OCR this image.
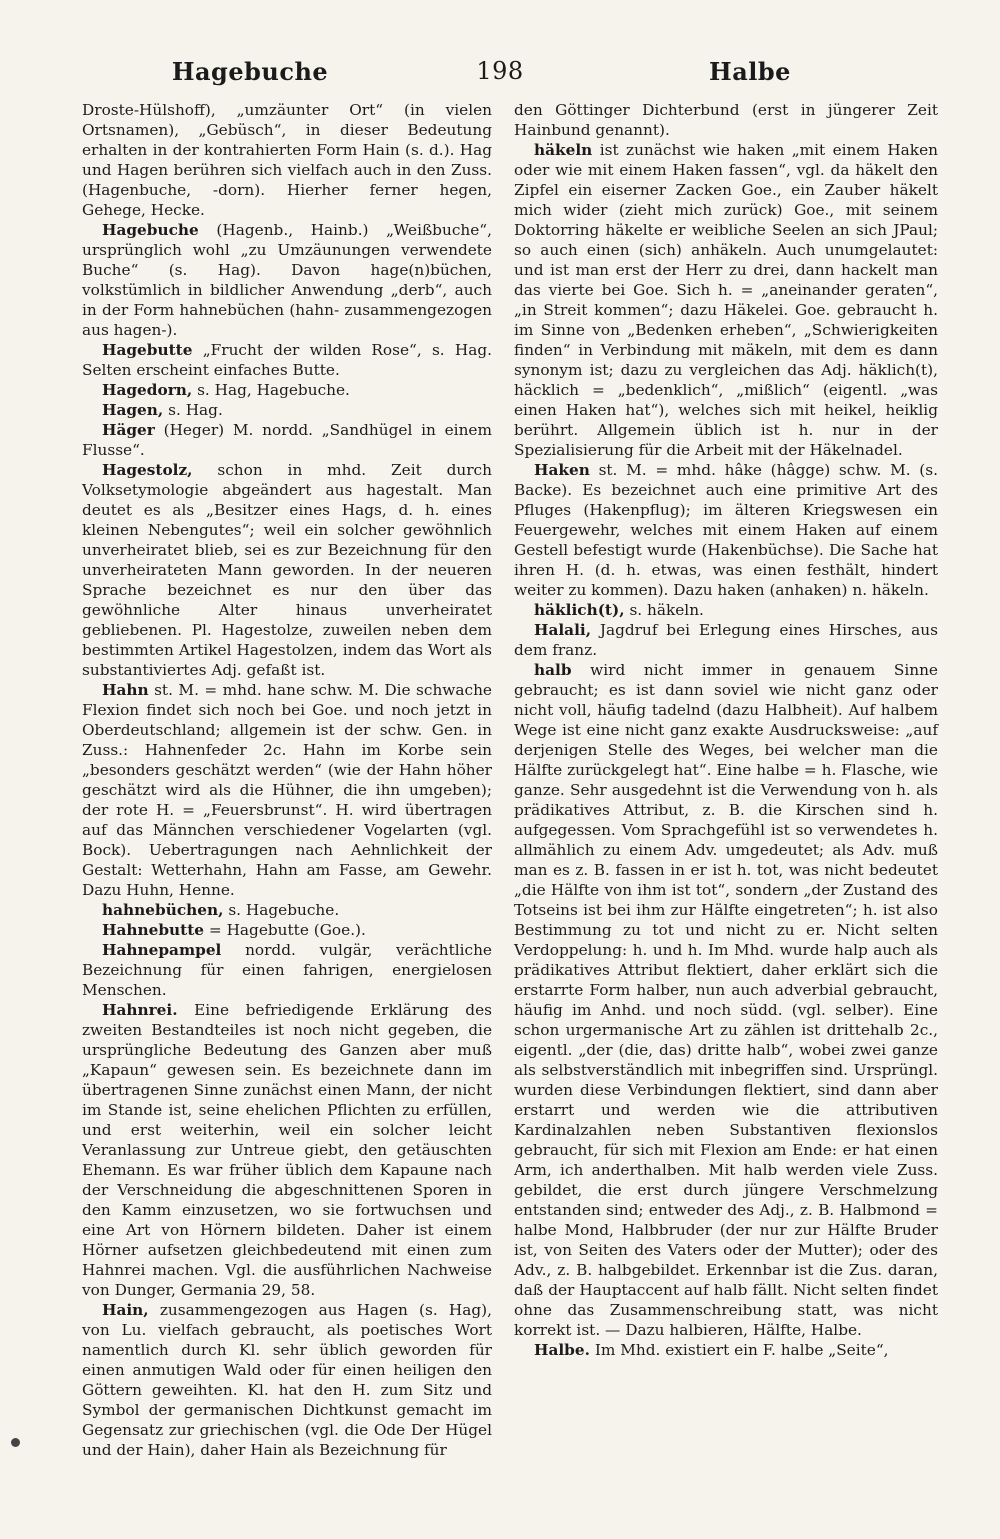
Hagebuche	198	Halbe

Droste-Hülshoff), „umzäunter Ort“ (in vielen Ortsnamen), „Gebüsch“, in dieser Bedeutung erhalten in der kontrahierten Form Hain (s. d.). Hag und Hagen berühren sich vielfach auch in den Zuss. (Hagenbuche, -dorn). Hierher ferner hegen, Gehege, Hecke.

Hagebuche (Hagenb., Hainb.) „Weißbuche“, ursprünglich wohl „zu Umzäunungen verwendete Buche“ (s. Hag). Davon hage(n)büchen, volkstümlich in bildlicher Anwendung „derb“, auch in der Form hahnebüchen (hahn- zusammengezogen aus hagen-).

Hagebutte „Frucht der wilden Rose“, s. Hag. Selten erscheint einfaches Butte.

Hagedorn, s. Hag, Hagebuche.

Hagen, s. Hag.

Häger (Heger) M. nordd. „Sandhügel in einem Flusse“.

Hagestolz, schon in mhd. Zeit durch Volksetymologie abgeändert aus hagestalt. Man deutet es als „Besitzer eines Hags, d. h. eines kleinen Nebengutes“; weil ein solcher gewöhnlich unverheiratet blieb, sei es zur Bezeichnung für den unverheirateten Mann geworden. In der neueren Sprache bezeichnet es nur den über das gewöhnliche Alter hinaus unverheiratet gebliebenen. Pl. Hagestolze, zuweilen neben dem bestimmten Artikel Hagestolzen, indem das Wort als substantiviertes Adj. gefaßt ist.

Hahn st. M. = mhd. hane schw. M. Die schwache Flexion findet sich noch bei Goe. und noch jetzt in Oberdeutschland; allgemein ist der schw. Gen. in Zuss.: Hahnenfeder 2c. Hahn im Korbe sein „besonders geschätzt werden“ (wie der Hahn höher geschätzt wird als die Hühner, die ihn umgeben); der rote H. = „Feuersbrunst“. H. wird übertragen auf das Männchen verschiedener Vogelarten (vgl. Bock). Uebertragungen nach Aehnlichkeit der Gestalt: Wetterhahn, Hahn am Fasse, am Gewehr. Dazu Huhn, Henne.

hahnebüchen, s. Hagebuche.

Hahnebutte = Hagebutte (Goe.).

Hahnepampel nordd. vulgär, verächtliche Bezeichnung für einen fahrigen, energielosen Menschen.

Hahnrei. Eine befriedigende Erklärung des zweiten Bestandteiles ist noch nicht gegeben, die ursprüngliche Bedeutung des Ganzen aber muß „Kapaun“ gewesen sein. Es bezeichnete dann im übertragenen Sinne zunächst einen Mann, der nicht im Stande ist, seine ehelichen Pflichten zu erfüllen, und erst weiterhin, weil ein solcher leicht Veranlassung zur Untreue giebt, den getäuschten Ehemann. Es war früher üblich dem Kapaune nach der Verschneidung die abgeschnittenen Sporen in den Kamm einzusetzen, wo sie fortwuchsen und eine Art von Hörnern bildeten. Daher ist einem Hörner aufsetzen gleichbedeutend mit einen zum Hahnrei machen. Vgl. die ausführlichen Nachweise von Dunger, Germania 29, 58.

Hain, zusammengezogen aus Hagen (s. Hag), von Lu. vielfach gebraucht, als poetisches Wort namentlich durch Kl. sehr üblich geworden für einen anmutigen Wald oder für einen heiligen den Göttern geweihten. Kl. hat den H. zum Sitz und Symbol der germanischen Dichtkunst gemacht im Gegensatz zur griechischen (vgl. die Ode Der Hügel und der Hain), daher Hain als Bezeichnung für

den Göttinger Dichterbund (erst in jüngerer Zeit Hainbund genannt).

häkeln ist zunächst wie haken „mit einem Haken oder wie mit einem Haken fassen“, vgl. da häkelt den Zipfel ein eiserner Zacken Goe., ein Zauber häkelt mich wider (zieht mich zurück) Goe., mit seinem Doktorring häkelte er weibliche Seelen an sich JPaul; so auch einen (sich) anhäkeln. Auch unumgelautet: und ist man erst der Herr zu drei, dann hackelt man das vierte bei Goe. Sich h. = „aneinander geraten“, „in Streit kommen“; dazu Häkelei. Goe. gebraucht h. im Sinne von „Bedenken erheben“, „Schwierigkeiten finden“ in Verbindung mit mäkeln, mit dem es dann synonym ist; dazu zu vergleichen das Adj. häklich(t), häcklich = „bedenklich“, „mißlich“ (eigentl. „was einen Haken hat“), welches sich mit heikel, heiklig berührt. Allgemein üblich ist h. nur in der Spezialisierung für die Arbeit mit der Häkelnadel.

Haken st. M. = mhd. hâke (hâgge) schw. M. (s. Backe). Es bezeichnet auch eine primitive Art des Pfluges (Hakenpflug); im älteren Kriegswesen ein Feuergewehr, welches mit einem Haken auf einem Gestell befestigt wurde (Hakenbüchse). Die Sache hat ihren H. (d. h. etwas, was einen festhält, hindert weiter zu kommen). Dazu haken (anhaken) n. häkeln.

häklich(t), s. häkeln.

Halali, Jagdruf bei Erlegung eines Hirsches, aus dem franz.

halb wird nicht immer in genauem Sinne gebraucht; es ist dann soviel wie nicht ganz oder nicht voll, häufig tadelnd (dazu Halbheit). Auf halbem Wege ist eine nicht ganz exakte Ausdrucksweise: „auf derjenigen Stelle des Weges, bei welcher man die Hälfte zurückgelegt hat“. Eine halbe = h. Flasche, wie ganze. Sehr ausgedehnt ist die Verwendung von h. als prädikatives Attribut, z. B. die Kirschen sind h. aufgegessen. Vom Sprachgefühl ist so verwendetes h. allmählich zu einem Adv. umgedeutet; als Adv. muß man es z. B. fassen in er ist h. tot, was nicht bedeutet „die Hälfte von ihm ist tot“, sondern „der Zustand des Totseins ist bei ihm zur Hälfte eingetreten“; h. ist also Bestimmung zu tot und nicht zu er. Nicht selten Verdoppelung: h. und h. Im Mhd. wurde halp auch als prädikatives Attribut flektiert, daher erklärt sich die erstarrte Form halber, nun auch adverbial gebraucht, häufig im Anhd. und noch südd. (vgl. selber). Eine schon urgermanische Art zu zählen ist drittehalb 2c., eigentl. „der (die, das) dritte halb“, wobei zwei ganze als selbstverständlich mit inbegriffen sind. Ursprüngl. wurden diese Verbindungen flektiert, sind dann aber erstarrt und werden wie die attributiven Kardinalzahlen neben Substantiven flexionslos gebraucht, für sich mit Flexion am Ende: er hat einen Arm, ich anderthalben. Mit halb werden viele Zuss. gebildet, die erst durch jüngere Verschmelzung entstanden sind; entweder des Adj., z. B. Halbmond = halbe Mond, Halbbruder (der nur zur Hälfte Bruder ist, von Seiten des Vaters oder der Mutter); oder des Adv., z. B. halbgebildet. Erkennbar ist die Zus. daran, daß der Hauptaccent auf halb fällt. Nicht selten findet ohne das Zusammenschreibung statt, was nicht korrekt ist. — Dazu halbieren, Hälfte, Halbe.

Halbe. Im Mhd. existiert ein F. halbe „Seite“,
